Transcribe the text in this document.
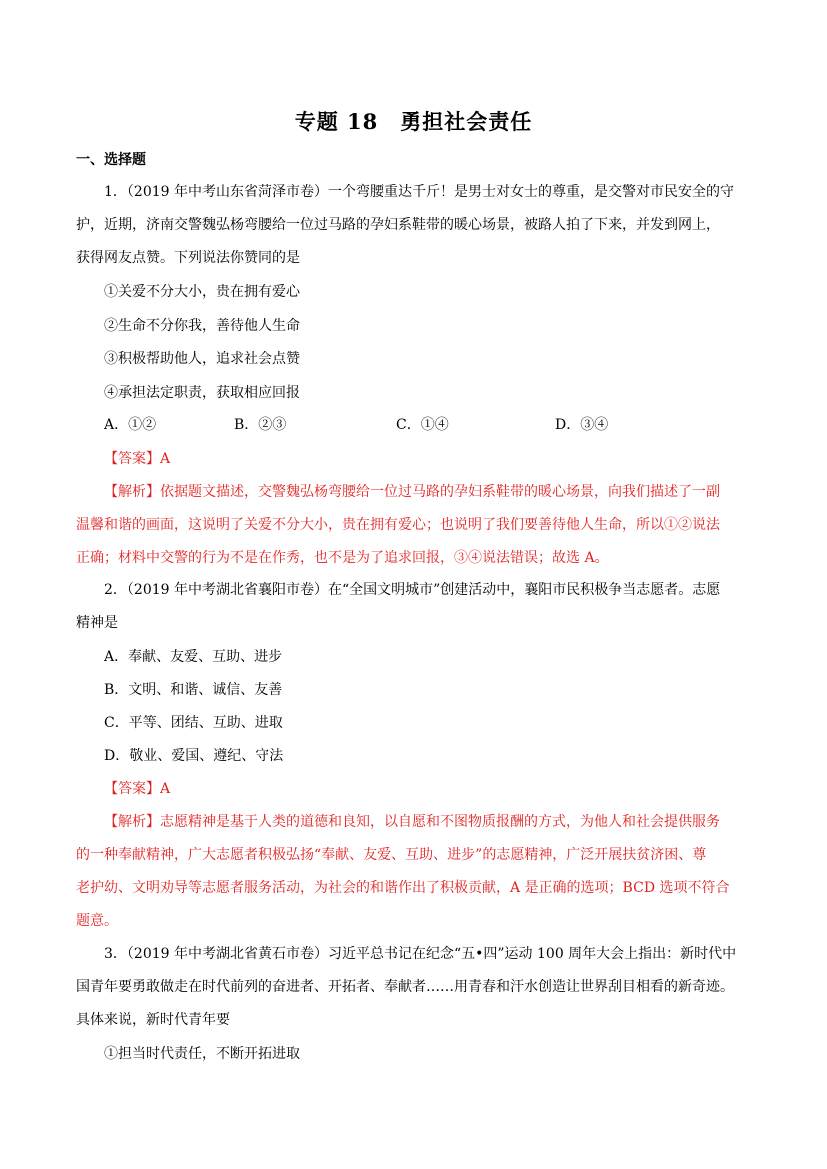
专题 18　勇担社会责任
一、选择题
1．（2019 年中考山东省菏泽市卷）一个弯腰重达千斤！是男士对女士的尊重，是交警对市民安全的守
护，近期，济南交警魏弘杨弯腰给一位过马路的孕妇系鞋带的暖心场景，被路人拍了下来，并发到网上，
获得网友点赞。下列说法你赞同的是
①关爱不分大小，贵在拥有爱心
②生命不分你我，善待他人生命
③积极帮助他人，追求社会点赞
④承担法定职责，获取相应回报
A．①②	B．②③	C．①④	D．③④
【答案】A
【解析】依据题文描述，交警魏弘杨弯腰给一位过马路的孕妇系鞋带的暖心场景，向我们描述了一副
温馨和谐的画面，这说明了关爱不分大小，贵在拥有爱心；也说明了我们要善待他人生命，所以①②说法
正确；材料中交警的行为不是在作秀，也不是为了追求回报，③④说法错误；故选 A。
2．（2019 年中考湖北省襄阳市卷）在“全国文明城市”创建活动中，襄阳市民积极争当志愿者。志愿
精神是
A．奉献、友爱、互助、进步
B．文明、和谐、诚信、友善
C．平等、团结、互助、进取
D．敬业、爱国、遵纪、守法
【答案】A
【解析】志愿精神是基于人类的道德和良知，以自愿和不图物质报酬的方式，为他人和社会提供服务
的一种奉献精神，广大志愿者积极弘扬“奉献、友爱、互助、进步”的志愿精神，广泛开展扶贫济困、尊
老护幼、文明劝导等志愿者服务活动，为社会的和谐作出了积极贡献，A 是正确的选项；BCD 选项不符合
题意。
3．（2019 年中考湖北省黄石市卷）习近平总书记在纪念“五•四”运动 100 周年大会上指出：新时代中
国青年要勇敢做走在时代前列的奋进者、开拓者、奉献者……用青春和汗水创造让世界刮目相看的新奇迹。
具体来说，新时代青年要
①担当时代责任，不断开拓进取
